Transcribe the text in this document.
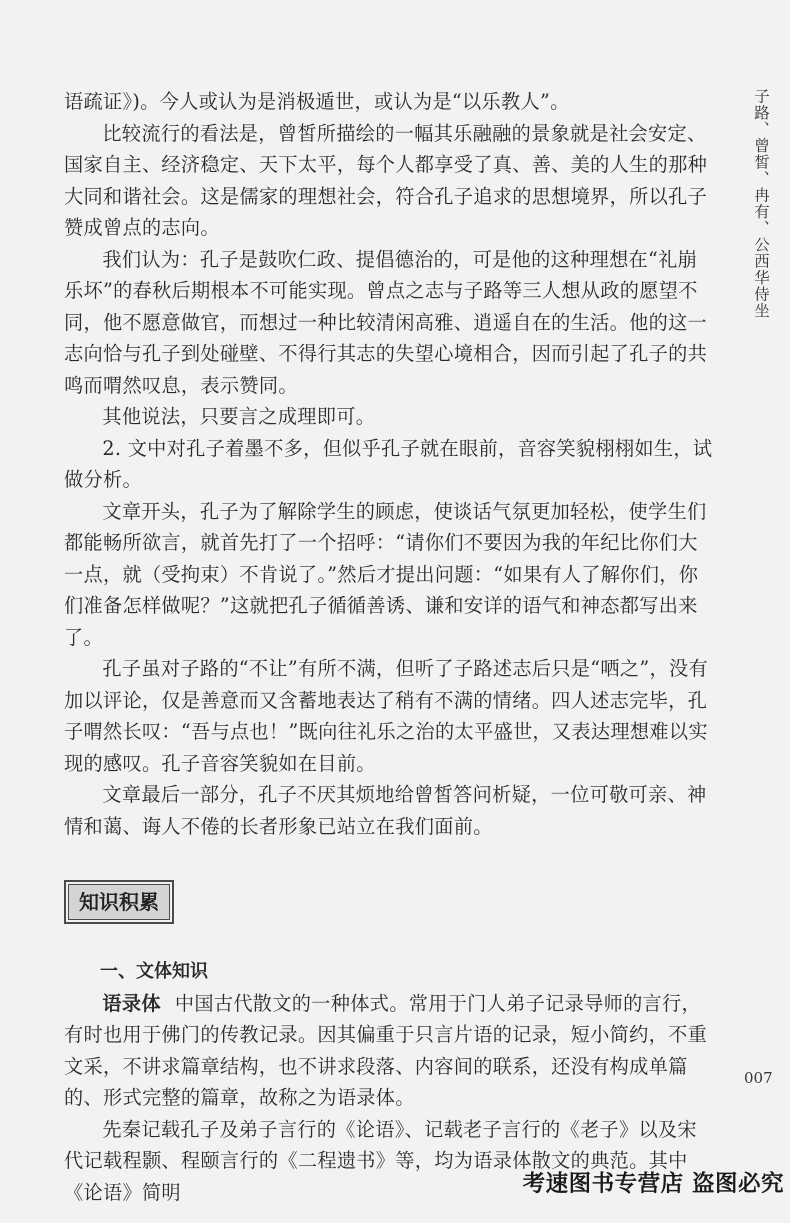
子路、曾皙、冉有、公西华侍坐

语疏证》)。今人或认为是消极遁世，或认为是“以乐教人”。

比较流行的看法是，曾皙所描绘的一幅其乐融融的景象就是社会安定、国家自主、经济稳定、天下太平，每个人都享受了真、善、美的人生的那种大同和谐社会。这是儒家的理想社会，符合孔子追求的思想境界，所以孔子赞成曾点的志向。

我们认为：孔子是鼓吹仁政、提倡德治的，可是他的这种理想在“礼崩乐坏”的春秋后期根本不可能实现。曾点之志与子路等三人想从政的愿望不同，他不愿意做官，而想过一种比较清闲高雅、逍遥自在的生活。他的这一志向恰与孔子到处碰壁、不得行其志的失望心境相合，因而引起了孔子的共鸣而喟然叹息，表示赞同。

其他说法，只要言之成理即可。

2. 文中对孔子着墨不多，但似乎孔子就在眼前，音容笑貌栩栩如生，试做分析。

文章开头，孔子为了解除学生的顾虑，使谈话气氛更加轻松，使学生们都能畅所欲言，就首先打了一个招呼：“请你们不要因为我的年纪比你们大一点，就（受拘束）不肯说了。”然后才提出问题：“如果有人了解你们，你们准备怎样做呢？”这就把孔子循循善诱、谦和安详的语气和神态都写出来了。

孔子虽对子路的“不让”有所不满，但听了子路述志后只是“哂之”，没有加以评论，仅是善意而又含蓄地表达了稍有不满的情绪。四人述志完毕，孔子喟然长叹：“吾与点也！”既向往礼乐之治的太平盛世，又表达理想难以实现的感叹。孔子音容笑貌如在目前。

文章最后一部分，孔子不厌其烦地给曾皙答问析疑，一位可敬可亲、神情和蔼、诲人不倦的长者形象已站立在我们面前。

知识积累

一、文体知识

语录体 中国古代散文的一种体式。常用于门人弟子记录导师的言行，有时也用于佛门的传教记录。因其偏重于只言片语的记录，短小简约，不重文采，不讲求篇章结构，也不讲求段落、内容间的联系，还没有构成单篇的、形式完整的篇章，故称之为语录体。

先秦记载孔子及弟子言行的《论语》、记载老子言行的《老子》以及宋代记载程颢、程颐言行的《二程遗书》等，均为语录体散文的典范。其中《论语》简明

007
考速图书专营店 盗图必究
